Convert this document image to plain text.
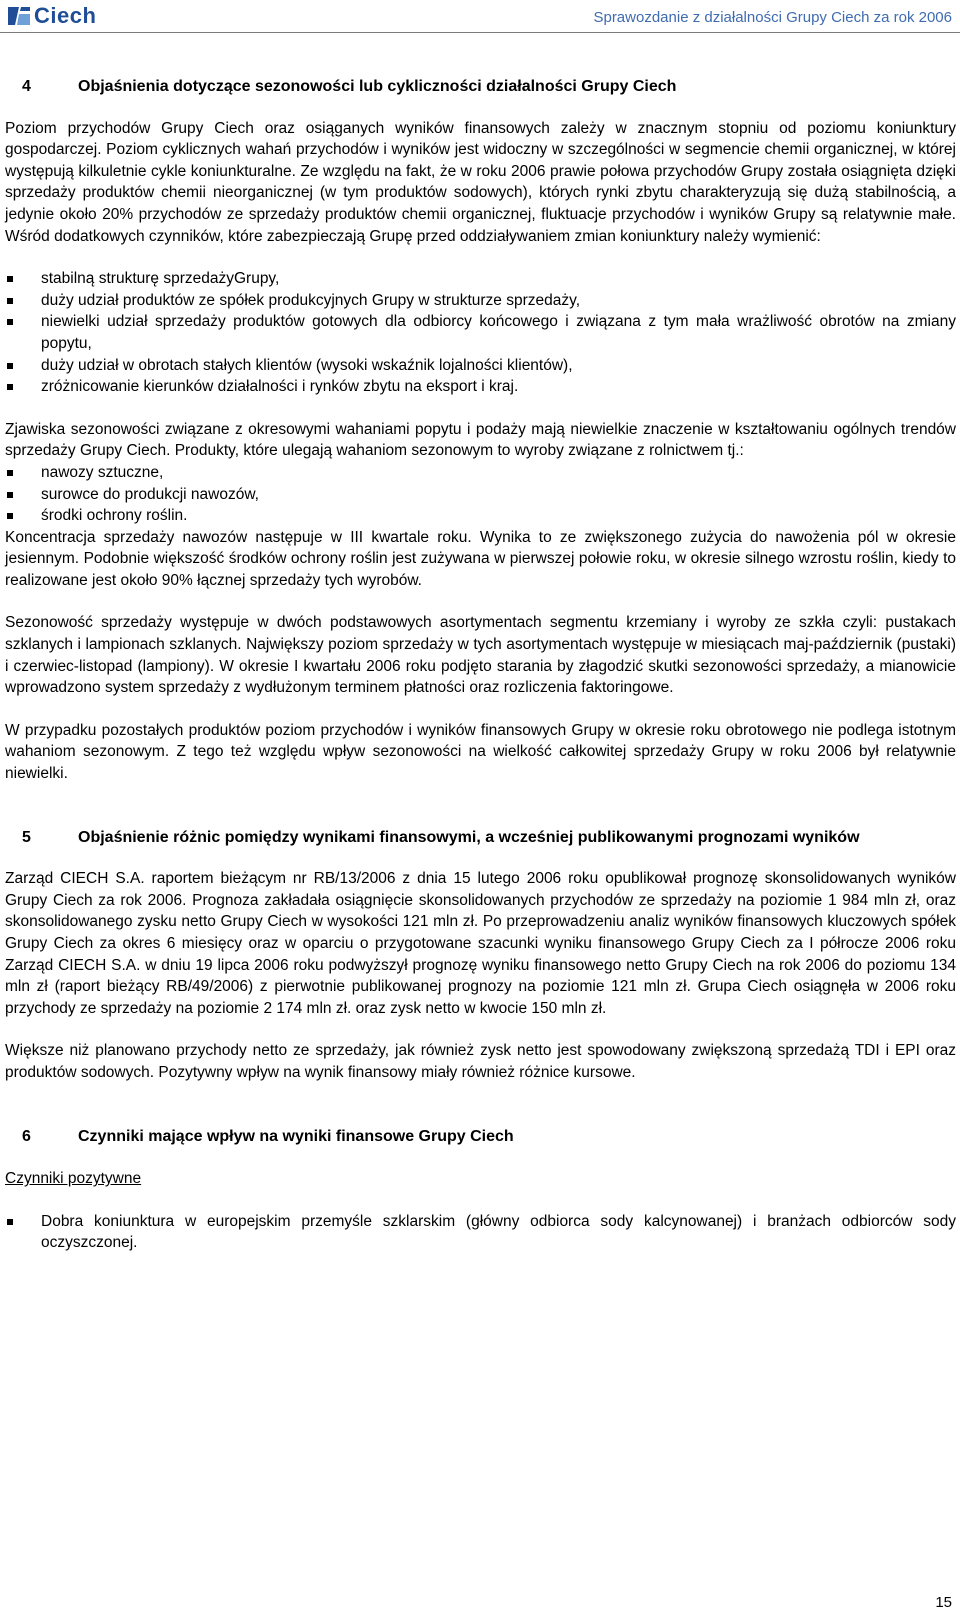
Ciech	Sprawozdanie z działalności Grupy Ciech za rok 2006
4	Objaśnienia dotyczące sezonowości lub cykliczności działalności Grupy Ciech

Poziom przychodów Grupy Ciech oraz osiąganych wyników finansowych zależy w znacznym stopniu od poziomu koniunktury gospodarczej. Poziom cyklicznych wahań przychodów i wyników jest widoczny w szczególności w segmencie chemii organicznej, w której występują kilkuletnie cykle koniunkturalne. Ze względu na fakt, że w roku 2006 prawie połowa przychodów Grupy została osiągnięta dzięki sprzedaży produktów chemii nieorganicznej (w tym produktów sodowych), których rynki zbytu charakteryzują się dużą stabilnością, a jedynie około 20% przychodów ze sprzedaży produktów chemii organicznej, fluktuacje przychodów i wyników Grupy są relatywnie małe. Wśród dodatkowych czynników, które zabezpieczają Grupę przed oddziaływaniem zmian koniunktury należy wymienić:

stabilną strukturę sprzedażyGrupy,
duży udział produktów ze spółek produkcyjnych Grupy w strukturze sprzedaży,
niewielki udział sprzedaży produktów gotowych dla odbiorcy końcowego i związana z tym mała wrażliwość obrotów na zmiany popytu,
duży udział w obrotach stałych klientów (wysoki wskaźnik lojalności klientów),
zróżnicowanie kierunków działalności i rynków zbytu na eksport i kraj.

Zjawiska sezonowości związane z okresowymi wahaniami popytu i podaży mają niewielkie znaczenie w kształtowaniu ogólnych trendów sprzedaży Grupy Ciech. Produkty, które ulegają wahaniom sezonowym to wyroby związane z rolnictwem tj.:

nawozy sztuczne,
surowce do produkcji nawozów,
środki ochrony roślin.

Koncentracja sprzedaży nawozów następuje w III kwartale roku. Wynika to ze zwiększonego zużycia do nawożenia pól w okresie jesiennym. Podobnie większość środków ochrony roślin jest zużywana w pierwszej połowie roku, w okresie silnego wzrostu roślin, kiedy to realizowane jest około 90% łącznej sprzedaży tych wyrobów.

Sezonowość sprzedaży występuje w dwóch podstawowych asortymentach segmentu krzemiany i wyroby ze szkła czyli: pustakach szklanych i lampionach szklanych. Największy poziom sprzedaży w tych asortymentach występuje w miesiącach maj-październik (pustaki) i czerwiec-listopad (lampiony). W okresie I kwartału 2006 roku podjęto starania by złagodzić skutki sezonowości sprzedaży, a mianowicie wprowadzono system sprzedaży z wydłużonym terminem płatności oraz rozliczenia faktoringowe.

W przypadku pozostałych produktów poziom przychodów i wyników finansowych Grupy w okresie roku obrotowego nie podlega istotnym wahaniom sezonowym. Z tego też względu wpływ sezonowości na wielkość całkowitej sprzedaży Grupy w roku 2006 był relatywnie niewielki.

5	Objaśnienie różnic pomiędzy wynikami finansowymi, a wcześniej publikowanymi prognozami wyników

Zarząd CIECH S.A. raportem bieżącym nr RB/13/2006 z dnia 15 lutego 2006 roku opublikował prognozę skonsolidowanych wyników Grupy Ciech za rok 2006. Prognoza zakładała osiągnięcie skonsolidowanych przychodów ze sprzedaży na poziomie 1 984 mln zł, oraz skonsolidowanego zysku netto Grupy Ciech w wysokości 121 mln zł. Po przeprowadzeniu analiz wyników finansowych kluczowych spółek Grupy Ciech za okres 6 miesięcy oraz w oparciu o przygotowane szacunki wyniku finansowego Grupy Ciech za I półrocze 2006 roku Zarząd CIECH S.A. w dniu 19 lipca 2006 roku podwyższył prognozę wyniku finansowego netto Grupy Ciech na rok 2006 do poziomu 134 mln zł (raport bieżący RB/49/2006) z pierwotnie publikowanej prognozy na poziomie 121 mln zł. Grupa Ciech osiągnęła w 2006 roku przychody ze sprzedaży na poziomie 2 174 mln zł. oraz zysk netto w kwocie 150 mln zł.

Większe niż planowano przychody netto ze sprzedaży, jak również zysk netto jest spowodowany zwiększoną sprzedażą TDI i EPI oraz produktów sodowych. Pozytywny wpływ na wynik finansowy miały również różnice kursowe.

6	Czynniki mające wpływ na wyniki finansowe Grupy Ciech

Czynniki pozytywne

Dobra koniunktura w europejskim przemyśle szklarskim (główny odbiorca sody kalcynowanej) i branżach odbiorców sody oczyszczonej.
15
